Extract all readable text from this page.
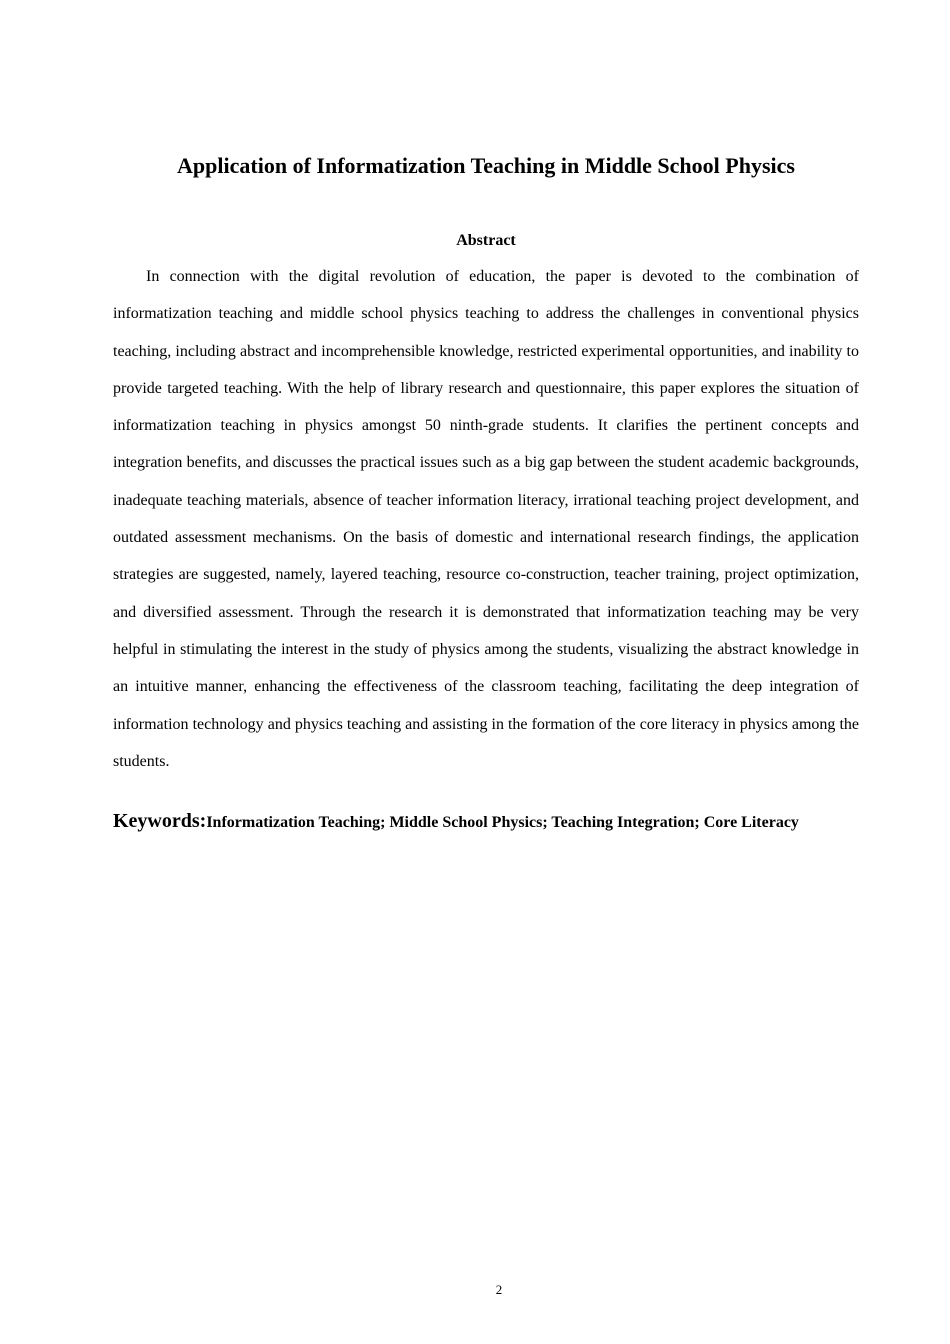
Application of Informatization Teaching in Middle School Physics
Abstract

In connection with the digital revolution of education, the paper is devoted to the combination of informatization teaching and middle school physics teaching to address the challenges in conventional physics teaching, including abstract and incomprehensible knowledge, restricted experimental opportunities, and inability to provide targeted teaching. With the help of library research and questionnaire, this paper explores the situation of informatization teaching in physics amongst 50 ninth-grade students. It clarifies the pertinent concepts and integration benefits, and discusses the practical issues such as a big gap between the student academic backgrounds, inadequate teaching materials, absence of teacher information literacy, irrational teaching project development, and outdated assessment mechanisms. On the basis of domestic and international research findings, the application strategies are suggested, namely, layered teaching, resource co-construction, teacher training, project optimization, and diversified assessment. Through the research it is demonstrated that informatization teaching may be very helpful in stimulating the interest in the study of physics among the students, visualizing the abstract knowledge in an intuitive manner, enhancing the effectiveness of the classroom teaching, facilitating the deep integration of information technology and physics teaching and assisting in the formation of the core literacy in physics among the students.

Keywords:Informatization Teaching; Middle School Physics; Teaching Integration; Core Literacy

2
